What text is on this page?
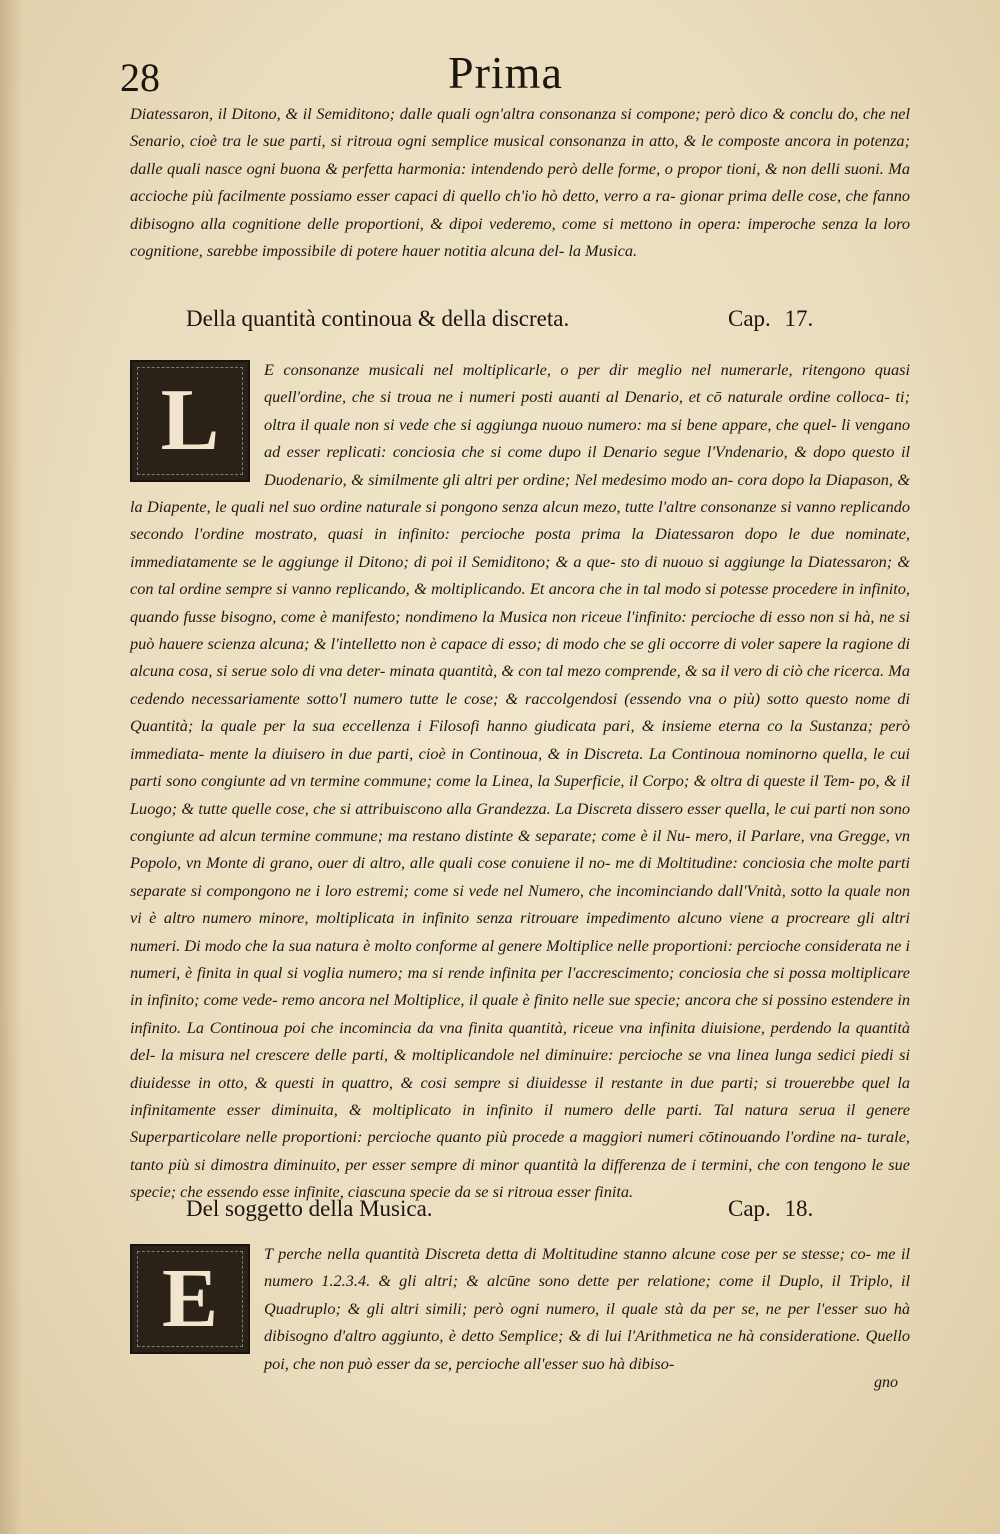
28	Prima

Diatessaron, il Ditono, & il Semiditono; dalle quali ogn'altra consonanza si compone; però dico & conclu do, che nel Senario, cioè tra le sue parti, si ritroua ogni semplice musical consonanza in atto, & le composte ancora in potenza; dalle quali nasce ogni buona & perfetta harmonia: intendendo però delle forme, o propor tioni, & non delli suoni. Ma accioche più facilmente possiamo esser capaci di quello ch'io hò detto, verro a ra- gionar prima delle cose, che fanno dibisogno alla cognitione delle proportioni, & dipoi vederemo, come si mettono in opera: imperoche senza la loro cognitione, sarebbe impossibile di potere hauer notitia alcuna del- la Musica.

Della quantità continoua & della discreta.	Cap. 17.
L

E consonanze musicali nel moltiplicarle, o per dir meglio nel numerarle, ritengono quasi quell'ordine, che si troua ne i numeri posti auanti al Denario, et cō naturale ordine colloca- ti; oltra il quale non si vede che si aggiunga nuouo numero: ma si bene appare, che quel- li vengano ad esser replicati: conciosia che si come dupo il Denario segue l'Vndenario, & dopo questo il Duodenario, & similmente gli altri per ordine; Nel medesimo modo an- cora dopo la Diapason, & la Diapente, le quali nel suo ordine naturale si pongono senza alcun mezo, tutte l'altre consonanze si vanno replicando secondo l'ordine mostrato, quasi in infinito: percioche posta prima la Diatessaron dopo le due nominate, immediatamente se le aggiunge il Ditono; di poi il Semiditono; & a que- sto di nuouo si aggiunge la Diatessaron; & con tal ordine sempre si vanno replicando, & moltiplicando. Et ancora che in tal modo si potesse procedere in infinito, quando fusse bisogno, come è manifesto; nondimeno la Musica non riceue l'infinito: percioche di esso non si hà, ne si può hauere scienza alcuna; & l'intelletto non è capace di esso; di modo che se gli occorre di voler sapere la ragione di alcuna cosa, si serue solo di vna deter- minata quantità, & con tal mezo comprende, & sa il vero di ciò che ricerca. Ma cedendo necessariamente sotto'l numero tutte le cose; & raccolgendosi (essendo vna o più) sotto questo nome di Quantità; la quale per la sua eccellenza i Filosofi hanno giudicata pari, & insieme eterna co la Sustanza; però immediata- mente la diuisero in due parti, cioè in Continoua, & in Discreta. La Continoua nominorno quella, le cui parti sono congiunte ad vn termine commune; come la Linea, la Superficie, il Corpo; & oltra di queste il Tem- po, & il Luogo; & tutte quelle cose, che si attribuiscono alla Grandezza. La Discreta dissero esser quella, le cui parti non sono congiunte ad alcun termine commune; ma restano distinte & separate; come è il Nu- mero, il Parlare, vna Gregge, vn Popolo, vn Monte di grano, ouer di altro, alle quali cose conuiene il no- me di Moltitudine: conciosia che molte parti separate si compongono ne i loro estremi; come si vede nel Numero, che incominciando dall'Vnità, sotto la quale non vi è altro numero minore, moltiplicata in infinito senza ritrouare impedimento alcuno viene a procreare gli altri numeri. Di modo che la sua natura è molto conforme al genere Moltiplice nelle proportioni: percioche considerata ne i numeri, è finita in qual si voglia numero; ma si rende infinita per l'accrescimento; conciosia che si possa moltiplicare in infinito; come vede- remo ancora nel Moltiplice, il quale è finito nelle sue specie; ancora che si possino estendere in infinito. La Continoua poi che incomincia da vna finita quantità, riceue vna infinita diuisione, perdendo la quantità del- la misura nel crescere delle parti, & moltiplicandole nel diminuire: percioche se vna linea lunga sedici piedi si diuidesse in otto, & questi in quattro, & cosi sempre si diuidesse il restante in due parti; si trouerebbe quel la infinitamente esser diminuita, & moltiplicato in infinito il numero delle parti. Tal natura serua il genere Superparticolare nelle proportioni: percioche quanto più procede a maggiori numeri cōtinouando l'ordine na- turale, tanto più si dimostra diminuito, per esser sempre di minor quantità la differenza de i termini, che con tengono le sue specie; che essendo esse infinite, ciascuna specie da se si ritroua esser finita.

Del soggetto della Musica.	Cap. 18.
E	T perche nella quantità Discreta detta di Moltitudine stanno alcune cose per se stesse; co- me il numero 1.2.3.4. & gli altri; & alcūne sono dette per relatione; come il Duplo, il Triplo, il Quadruplo; & gli altri simili; però ogni numero, il quale stà da per se, ne per l'esser suo hà dibisogno d'altro aggiunto, è detto Semplice; & di lui l'Arithmetica ne hà consideratione. Quello poi, che non può esser da se, percioche all'esser suo hà dibiso-

gno
